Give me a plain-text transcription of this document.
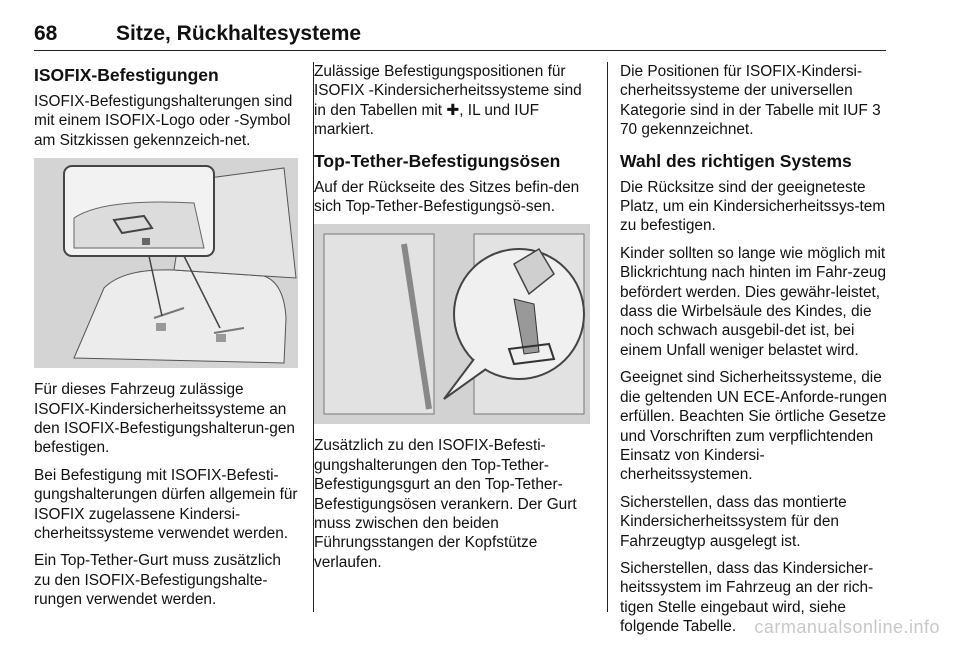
68	Sitze, Rückhaltesysteme
ISOFIX-Befestigungen

ISOFIX-Befestigungshalterungen sind mit einem ISOFIX-Logo oder -Symbol am Sitzkissen gekennzeich-net.

Für dieses Fahrzeug zulässige ISOFIX-Kindersicherheitssysteme an den ISOFIX-Befestigungshalterun-gen befestigen.

Bei Befestigung mit ISOFIX-Befesti-gungshalterungen dürfen allgemein für ISOFIX zugelassene Kindersi-cherheitssysteme verwendet werden.

Ein Top-Tether-Gurt muss zusätzlich zu den ISOFIX-Befestigungshalte-rungen verwendet werden.

Zulässige Befestigungspositionen für ISOFIX -Kindersicherheitssysteme sind in den Tabellen mit ✚, IL und IUF markiert.

Top-Tether-Befestigungsösen

Auf der Rückseite des Sitzes befin-den sich Top-Tether-Befestigungsö-sen.

Zusätzlich zu den ISOFIX-Befesti-gungshalterungen den Top-Tether-Befestigungsgurt an den Top-Tether-Befestigungsösen verankern. Der Gurt muss zwischen den beiden Führungsstangen der Kopfstütze verlaufen.

Die Positionen für ISOFIX-Kindersi-cherheitssysteme der universellen Kategorie sind in der Tabelle mit IUF 3 70 gekennzeichnet.

Wahl des richtigen Systems

Die Rücksitze sind der geeigneteste Platz, um ein Kindersicherheitssys-tem zu befestigen.

Kinder sollten so lange wie möglich mit Blickrichtung nach hinten im Fahr-zeug befördert werden. Dies gewähr-leistet, dass die Wirbelsäule des Kindes, die noch schwach ausgebil-det ist, bei einem Unfall weniger belastet wird.

Geeignet sind Sicherheitssysteme, die die geltenden UN ECE-Anforde-rungen erfüllen. Beachten Sie örtliche Gesetze und Vorschriften zum verpflichtenden Einsatz von Kindersi-cherheitssystemen.

Sicherstellen, dass das montierte Kindersicherheitssystem für den Fahrzeugtyp ausgelegt ist.

Sicherstellen, dass das Kindersicher-heitssystem im Fahrzeug an der rich-tigen Stelle eingebaut wird, siehe folgende Tabelle.	carmanualsonline.info
